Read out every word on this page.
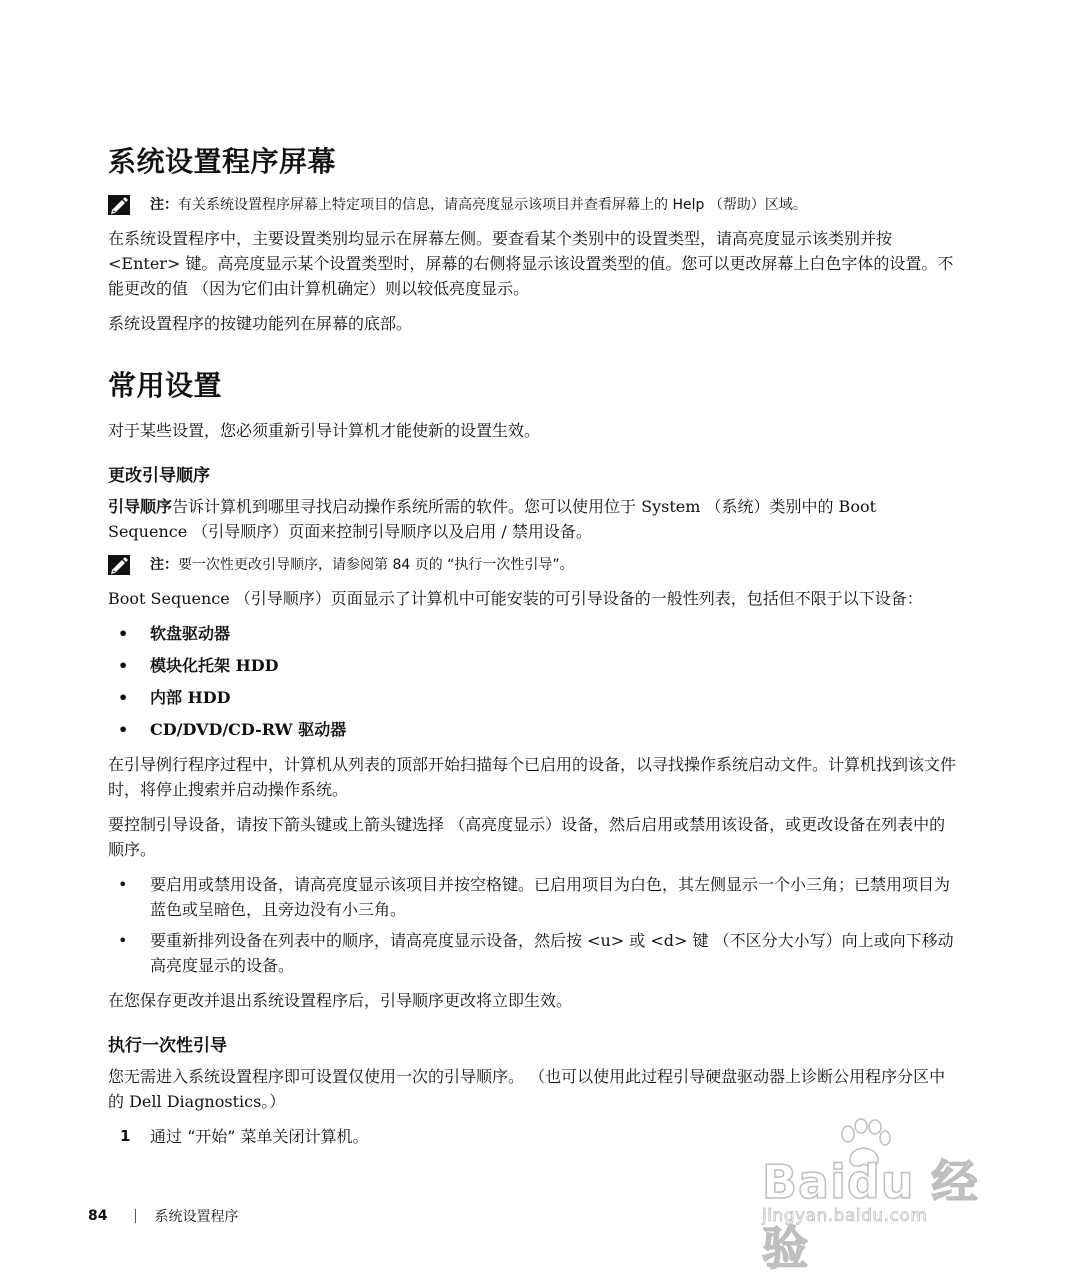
系统设置程序屏幕
注：有关系统设置程序屏幕上特定项目的信息，请高亮度显示该项目并查看屏幕上的 Help （帮助）区域。

在系统设置程序中，主要设置类别均显示在屏幕左侧。要查看某个类别中的设置类型，请高亮度显示该类别并按 <Enter> 键。高亮度显示某个设置类型时，屏幕的右侧将显示该设置类型的值。您可以更改屏幕上白色字体的设置。不能更改的值 （因为它们由计算机确定）则以较低亮度显示。

系统设置程序的按键功能列在屏幕的底部。

常用设置

对于某些设置，您必须重新引导计算机才能使新的设置生效。

更改引导顺序

引导顺序告诉计算机到哪里寻找启动操作系统所需的软件。您可以使用位于 System （系统）类别中的 Boot Sequence （引导顺序）页面来控制引导顺序以及启用 / 禁用设备。

注：要一次性更改引导顺序，请参阅第 84 页的 “执行一次性引导”。

Boot Sequence （引导顺序）页面显示了计算机中可能安装的可引导设备的一般性列表，包括但不限于以下设备：

• 软盘驱动器
• 模块化托架 HDD
• 内部 HDD
• CD/DVD/CD-RW 驱动器

在引导例行程序过程中，计算机从列表的顶部开始扫描每个已启用的设备，以寻找操作系统启动文件。计算机找到该文件时，将停止搜索并启动操作系统。

要控制引导设备，请按下箭头键或上箭头键选择 （高亮度显示）设备，然后启用或禁用该设备，或更改设备在列表中的顺序。

• 要启用或禁用设备，请高亮度显示该项目并按空格键。已启用项目为白色，其左侧显示一个小三角；已禁用项目为蓝色或呈暗色，且旁边没有小三角。
• 要重新排列设备在列表中的顺序，请高亮度显示设备，然后按 <u> 或 <d> 键 （不区分大小写）向上或向下移动高亮度显示的设备。

在您保存更改并退出系统设置程序后，引导顺序更改将立即生效。

执行一次性引导

您无需进入系统设置程序即可设置仅使用一次的引导顺序。 （也可以使用此过程引导硬盘驱动器上诊断公用程序分区中的 Dell Diagnostics。）

1 通过 “开始” 菜单关闭计算机。
84	系统设置程序
Baidu 经验
jingyan.baidu.com
